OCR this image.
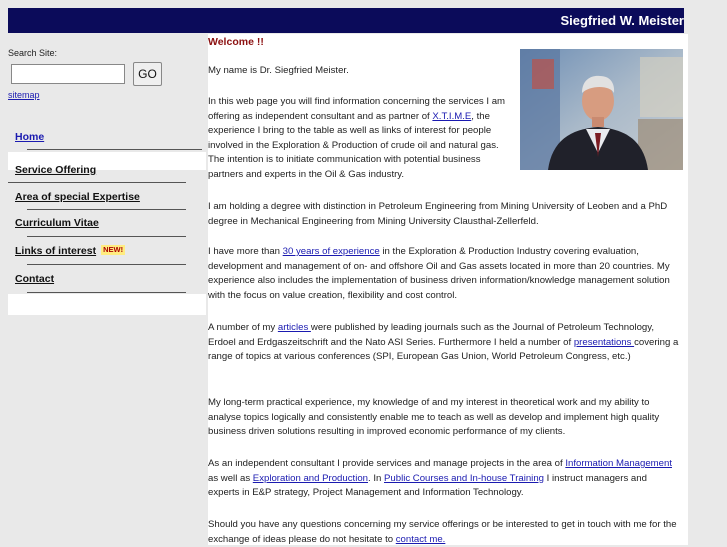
Siegfried W. Meister
Search Site:
GO
sitemap
Home
Service Offering
Area of special Expertise
Curriculum Vitae
Links of interest NEW!
Contact
Welcome !!
My name is Dr. Siegfried Meister.
In this web page you will find information concerning the services I am offering as independent consultant and as partner of X.T.I.M.E, the experience I bring to the table as well as links of interest for people involved in the Exploration & Production of crude oil and natural gas. The intention is to initiate communication with potential business partners and experts in the Oil & Gas industry.
I am holding a degree with distinction in Petroleum Engineering from Mining University of Leoben and a PhD degree in Mechanical Engineering from Mining University Clausthal-Zellerfeld.
I have more than 30 years of experience in the Exploration & Production Industry covering evaluation, development and management of on- and offshore Oil and Gas assets located in more than 20 countries. My experience also includes the implementation of business driven information/knowledge management solution with the focus on value creation, flexibility and cost control.
A number of my articles were published by leading journals such as the Journal of Petroleum Technology, Erdoel and Erdgaszeitschrift and the Nato ASI Series. Furthermore I held a number of presentations covering a range of topics at various conferences (SPI, European Gas Union, World Petroleum Congress, etc.)
My long-term practical experience, my knowledge of and my interest in theoretical work and my ability to analyse topics logically and consistently enable me to teach as well as develop and implement high quality business driven solutions resulting in improved economic performance of my clients.
As an independent consultant I provide services and manage projects in the area of Information Management as well as Exploration and Production. In Public Courses and In-house Training I instruct managers and experts in E&P strategy, Project Management and Information Technology.
Should you have any questions concerning my service offerings or be interested to get in touch with me for the exchange of ideas please do not hesitate to contact me.
